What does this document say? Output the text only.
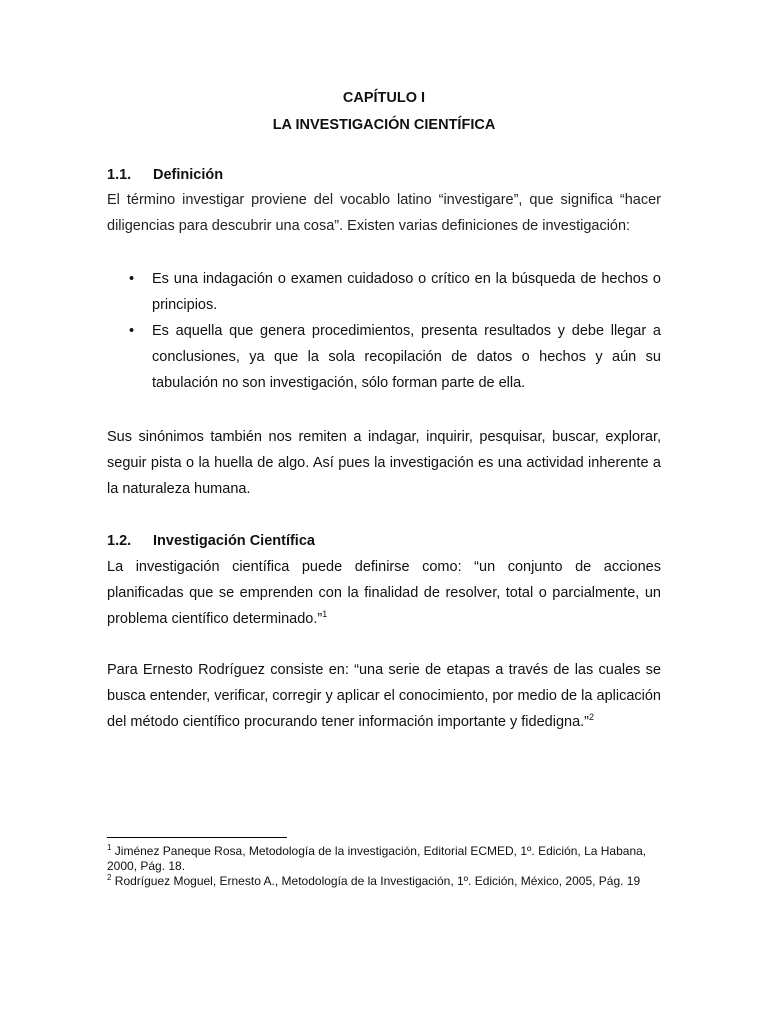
CAPÍTULO I
LA INVESTIGACIÓN CIENTÍFICA
1.1. Definición

El término investigar proviene del vocablo latino “investigare”, que significa “hacer diligencias para descubrir una cosa”. Existen varias definiciones de investigación:

• Es una indagación o examen cuidadoso o crítico en la búsqueda de hechos o principios.
• Es aquella que genera procedimientos, presenta resultados y debe llegar a conclusiones, ya que la sola recopilación de datos o hechos y aún su tabulación no son investigación, sólo forman parte de ella.

Sus sinónimos también nos remiten a indagar, inquirir, pesquisar, buscar, explorar, seguir pista o la huella de algo. Así pues la investigación es una actividad inherente a la naturaleza humana.

1.2. Investigación Científica

La investigación científica puede definirse como: “un conjunto de acciones planificadas que se emprenden con la finalidad de resolver, total o parcialmente, un problema científico determinado.”$^1$

Para Ernesto Rodríguez consiste en: “una serie de etapas a través de las cuales se busca entender, verificar, corregir y aplicar el conocimiento, por medio de la aplicación del método científico procurando tener información importante y fidedigna.”$^2$

$^1$ Jiménez Paneque Rosa, Metodología de la investigación, Editorial ECMED, 1º. Edición, La Habana, 2000, Pág. 18.

$^2$ Rodríguez Moguel, Ernesto A., Metodología de la Investigación, 1º. Edición, México, 2005, Pág. 19
